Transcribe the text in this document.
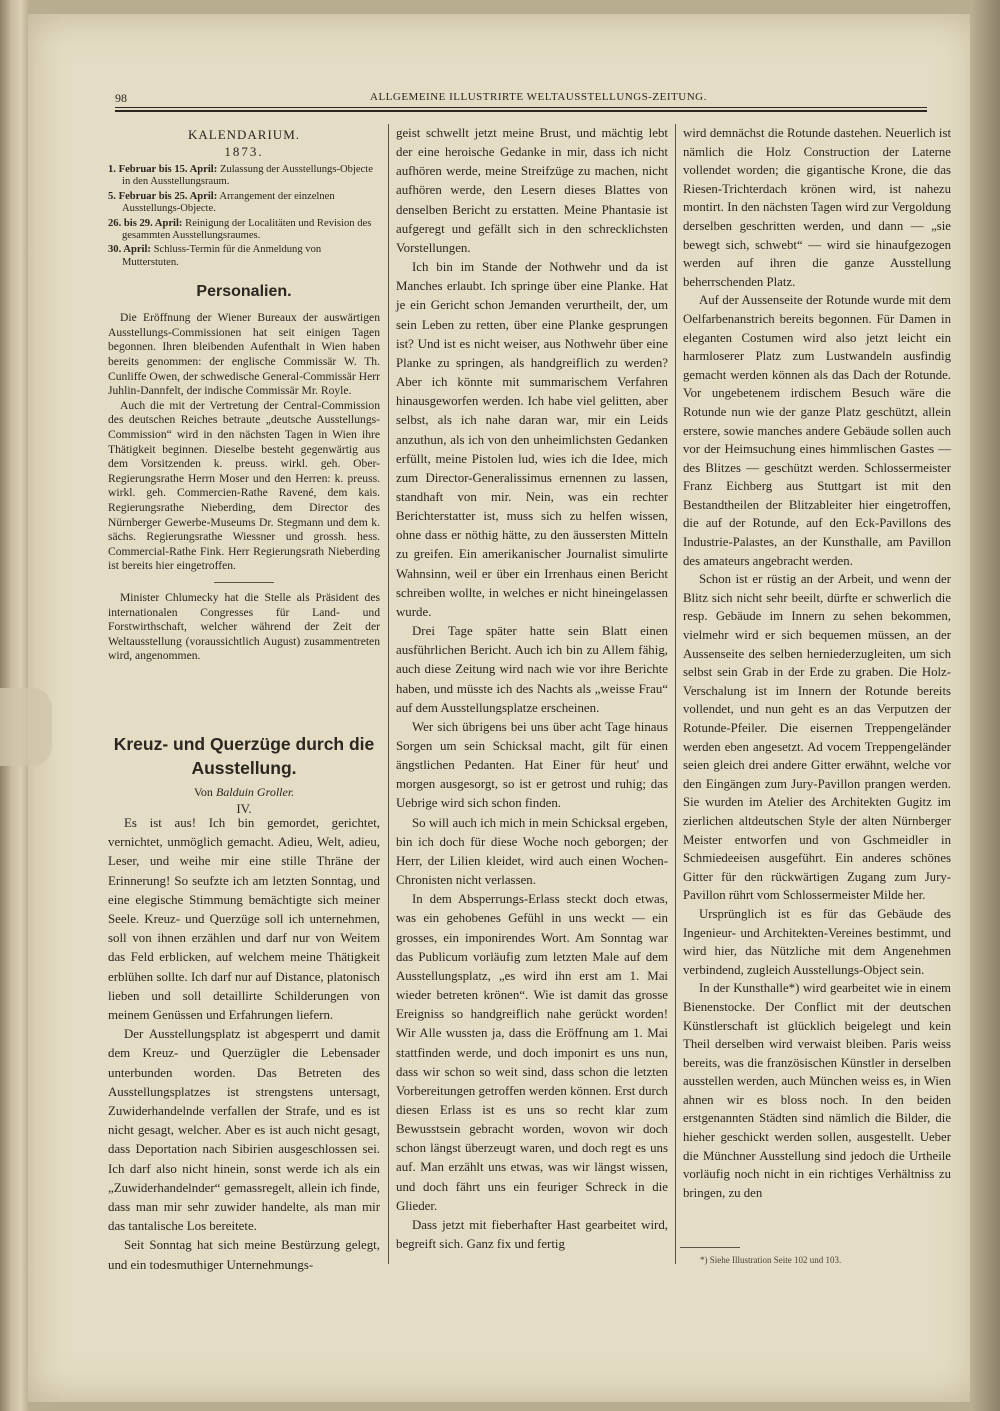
98	ALLGEMEINE ILLUSTRIRTE WELTAUSSTELLUNGS-ZEITUNG.
KALENDARIUM.
1873.
1. Februar bis 15. April: Zulassung der Ausstellungs-Objecte in den Ausstellungsraum.
5. Februar bis 25. April: Arrangement der einzelnen Ausstellungs-Objecte.
26. bis 29. April: Reinigung der Localitäten und Revision des gesammten Ausstellungsraumes.
30. April: Schluss-Termin für die Anmeldung von Mutterstuten.
Personalien.

Die Eröffnung der Wiener Bureaux der auswärtigen Ausstellungs-Commissionen hat seit einigen Tagen begonnen. Ihren bleibenden Aufenthalt in Wien haben bereits genommen: der englische Commissär W. Th. Cunliffe Owen, der schwedische General-Commissär Herr Juhlin-Dannfelt, der indische Commissär Mr. Royle.

Auch die mit der Vertretung der Central-Commission des deutschen Reiches betraute „deutsche Ausstellungs-Commission“ wird in den nächsten Tagen in Wien ihre Thätigkeit beginnen. Dieselbe besteht gegenwärtig aus dem Vorsitzenden k. preuss. wirkl. geh. Ober-Regierungsrathe Herrn Moser und den Herren: k. preuss. wirkl. geh. Commercien-Rathe Ravené, dem kais. Regierungsrathe Nieberding, dem Director des Nürnberger Gewerbe-Museums Dr. Stegmann und dem k. sächs. Regierungsrathe Wiessner und grossh. hess. Commercial-Rathe Fink. Herr Regierungsrath Nieberding ist bereits hier eingetroffen.

Minister Chlumecky hat die Stelle als Präsident des internationalen Congresses für Land- und Forstwirthschaft, welcher während der Zeit der Weltausstellung (voraussichtlich August) zusammentreten wird, angenommen.

Kreuz- und Querzüge durch die Ausstellung.
Von Balduin Groller.
IV.

Es ist aus! Ich bin gemordet, gerichtet, vernichtet, unmöglich gemacht. Adieu, Welt, adieu, Leser, und weihe mir eine stille Thräne der Erinnerung! So seufzte ich am letzten Sonntag, und eine elegische Stimmung bemächtigte sich meiner Seele. Kreuz- und Querzüge soll ich unternehmen, soll von ihnen erzählen und darf nur von Weitem das Feld erblicken, auf welchem meine Thätigkeit erblühen sollte. Ich darf nur auf Distance, platonisch lieben und soll detaillirte Schilderungen von meinem Genüssen und Erfahrungen liefern.

Der Ausstellungsplatz ist abgesperrt und damit dem Kreuz- und Querzügler die Lebensader unterbunden worden. Das Betreten des Ausstellungsplatzes ist strengstens untersagt, Zuwiderhandelnde verfallen der Strafe, und es ist nicht gesagt, welcher. Aber es ist auch nicht gesagt, dass Deportation nach Sibirien ausgeschlossen sei. Ich darf also nicht hinein, sonst werde ich als ein „Zuwiderhandelnder“ gemassregelt, allein ich finde, dass man mir sehr zuwider handelte, als man mir das tantalische Los bereitete.

Seit Sonntag hat sich meine Bestürzung gelegt, und ein todesmuthiger Unternehmungs-

geist schwellt jetzt meine Brust, und mächtig lebt der eine heroische Gedanke in mir, dass ich nicht aufhören werde, meine Streifzüge zu machen, nicht aufhören werde, den Lesern dieses Blattes von denselben Bericht zu erstatten. Meine Phantasie ist aufgeregt und gefällt sich in den schrecklichsten Vorstellungen.

Ich bin im Stande der Nothwehr und da ist Manches erlaubt. Ich springe über eine Planke. Hat je ein Gericht schon Jemanden verurtheilt, der, um sein Leben zu retten, über eine Planke gesprungen ist? Und ist es nicht weiser, aus Nothwehr über eine Planke zu springen, als handgreiflich zu werden? Aber ich könnte mit summarischem Verfahren hinausgeworfen werden. Ich habe viel gelitten, aber selbst, als ich nahe daran war, mir ein Leids anzuthun, als ich von den unheimlichsten Gedanken erfüllt, meine Pistolen lud, wies ich die Idee, mich zum Director-Generalissimus ernennen zu lassen, standhaft von mir. Nein, was ein rechter Berichterstatter ist, muss sich zu helfen wissen, ohne dass er nöthig hätte, zu den äussersten Mitteln zu greifen. Ein amerikanischer Journalist simulirte Wahnsinn, weil er über ein Irrenhaus einen Bericht schreiben wollte, in welches er nicht hineingelassen wurde.

Drei Tage später hatte sein Blatt einen ausführlichen Bericht. Auch ich bin zu Allem fähig, auch diese Zeitung wird nach wie vor ihre Berichte haben, und müsste ich des Nachts als „weisse Frau“ auf dem Ausstellungsplatze erscheinen.

Wer sich übrigens bei uns über acht Tage hinaus Sorgen um sein Schicksal macht, gilt für einen ängstlichen Pedanten. Hat Einer für heut' und morgen ausgesorgt, so ist er getrost und ruhig; das Uebrige wird sich schon finden.

So will auch ich mich in mein Schicksal ergeben, bin ich doch für diese Woche noch geborgen; der Herr, der Lilien kleidet, wird auch einen Wochen-Chronisten nicht verlassen.

In dem Absperrungs-Erlass steckt doch etwas, was ein gehobenes Gefühl in uns weckt — ein grosses, ein imponirendes Wort. Am Sonntag war das Publicum vorläufig zum letzten Male auf dem Ausstellungsplatz, „es wird ihn erst am 1. Mai wieder betreten krönen“. Wie ist damit das grosse Ereigniss so handgreiflich nahe gerückt worden! Wir Alle wussten ja, dass die Eröffnung am 1. Mai stattfinden werde, und doch imponirt es uns nun, dass wir schon so weit sind, dass schon die letzten Vorbereitungen getroffen werden können. Erst durch diesen Erlass ist es uns so recht klar zum Bewusstsein gebracht worden, wovon wir doch schon längst überzeugt waren, und doch regt es uns auf. Man erzählt uns etwas, was wir längst wissen, und doch fährt uns ein feuriger Schreck in die Glieder.

Dass jetzt mit fieberhafter Hast gearbeitet wird, begreift sich. Ganz fix und fertig

wird demnächst die Rotunde dastehen. Neuerlich ist nämlich die Holz Construction der Laterne vollendet worden; die gigantische Krone, die das Riesen-Trichterdach krönen wird, ist nahezu montirt. In den nächsten Tagen wird zur Vergoldung derselben geschritten werden, und dann — „sie bewegt sich, schwebt“ — wird sie hinaufgezogen werden auf ihren die ganze Ausstellung beherrschenden Platz.

Auf der Aussenseite der Rotunde wurde mit dem Oelfarbenanstrich bereits begonnen. Für Damen in eleganten Costumen wird also jetzt leicht ein harmloserer Platz zum Lustwandeln ausfindig gemacht werden können als das Dach der Rotunde. Vor ungebetenem irdischem Besuch wäre die Rotunde nun wie der ganze Platz geschützt, allein erstere, sowie manches andere Gebäude sollen auch vor der Heimsuchung eines himmlischen Gastes — des Blitzes — geschützt werden. Schlossermeister Franz Eichberg aus Stuttgart ist mit den Bestandtheilen der Blitzableiter hier eingetroffen, die auf der Rotunde, auf den Eck-Pavillons des Industrie-Palastes, an der Kunsthalle, am Pavillon des amateurs angebracht werden.

Schon ist er rüstig an der Arbeit, und wenn der Blitz sich nicht sehr beeilt, dürfte er schwerlich die resp. Gebäude im Innern zu sehen bekommen, vielmehr wird er sich bequemen müssen, an der Aussenseite des selben herniederzugleiten, um sich selbst sein Grab in der Erde zu graben. Die Holz-Verschalung ist im Innern der Rotunde bereits vollendet, und nun geht es an das Verputzen der Rotunde-Pfeiler. Die eisernen Treppengeländer werden eben angesetzt. Ad vocem Treppengeländer seien gleich drei andere Gitter erwähnt, welche vor den Eingängen zum Jury-Pavillon prangen werden. Sie wurden im Atelier des Architekten Gugitz im zierlichen altdeutschen Style der alten Nürnberger Meister entworfen und von Gschmeidler in Schmiedeeisen ausgeführt. Ein anderes schönes Gitter für den rückwärtigen Zugang zum Jury-Pavillon rührt vom Schlossermeister Milde her.

Ursprünglich ist es für das Gebäude des Ingenieur- und Architekten-Vereines bestimmt, und wird hier, das Nützliche mit dem Angenehmen verbindend, zugleich Ausstellungs-Object sein.

In der Kunsthalle*) wird gearbeitet wie in einem Bienenstocke. Der Conflict mit der deutschen Künstlerschaft ist glücklich beigelegt und kein Theil derselben wird verwaist bleiben. Paris weiss bereits, was die französischen Künstler in derselben ausstellen werden, auch München weiss es, in Wien ahnen wir es bloss noch. In den beiden erstgenannten Städten sind nämlich die Bilder, die hieher geschickt werden sollen, ausgestellt. Ueber die Münchner Ausstellung sind jedoch die Urtheile vorläufig noch nicht in ein richtiges Verhältniss zu bringen, zu den

*) Siehe Illustration Seite 102 und 103.
